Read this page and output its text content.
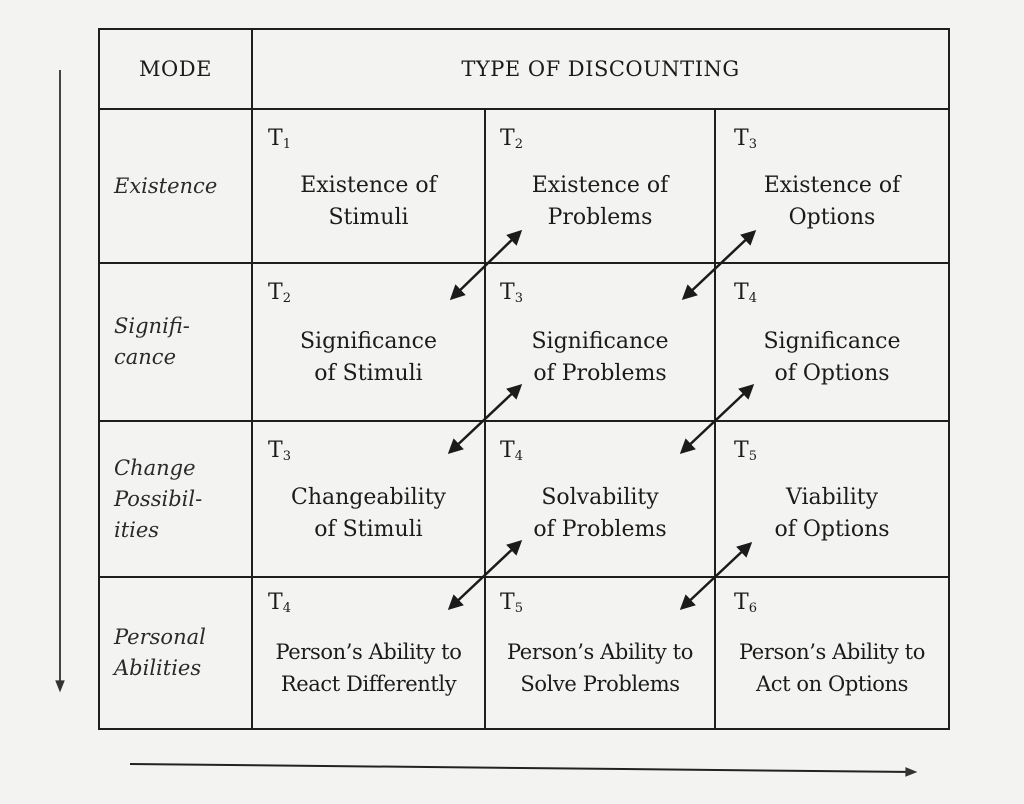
MODE	TYPE OF DISCOUNTING
Existence
Signifi-
cance
Change
Possibil-
ities
Personal
Abilities
$T_1$
Existence of
Stimuli
$T_2$
Existence of
Problems
$T_3$
Existence of
Options
$T_2$
Significance
of Stimuli
$T_3$
Significance
of Problems
$T_4$
Significance
of Options
$T_3$
Changeability
of Stimuli
$T_4$
Solvability
of Problems
$T_5$
Viability
of Options
$T_4$
Person’s Ability to
React Differently
$T_5$
Person’s Ability to
Solve Problems
$T_6$
Person’s Ability to
Act on Options
